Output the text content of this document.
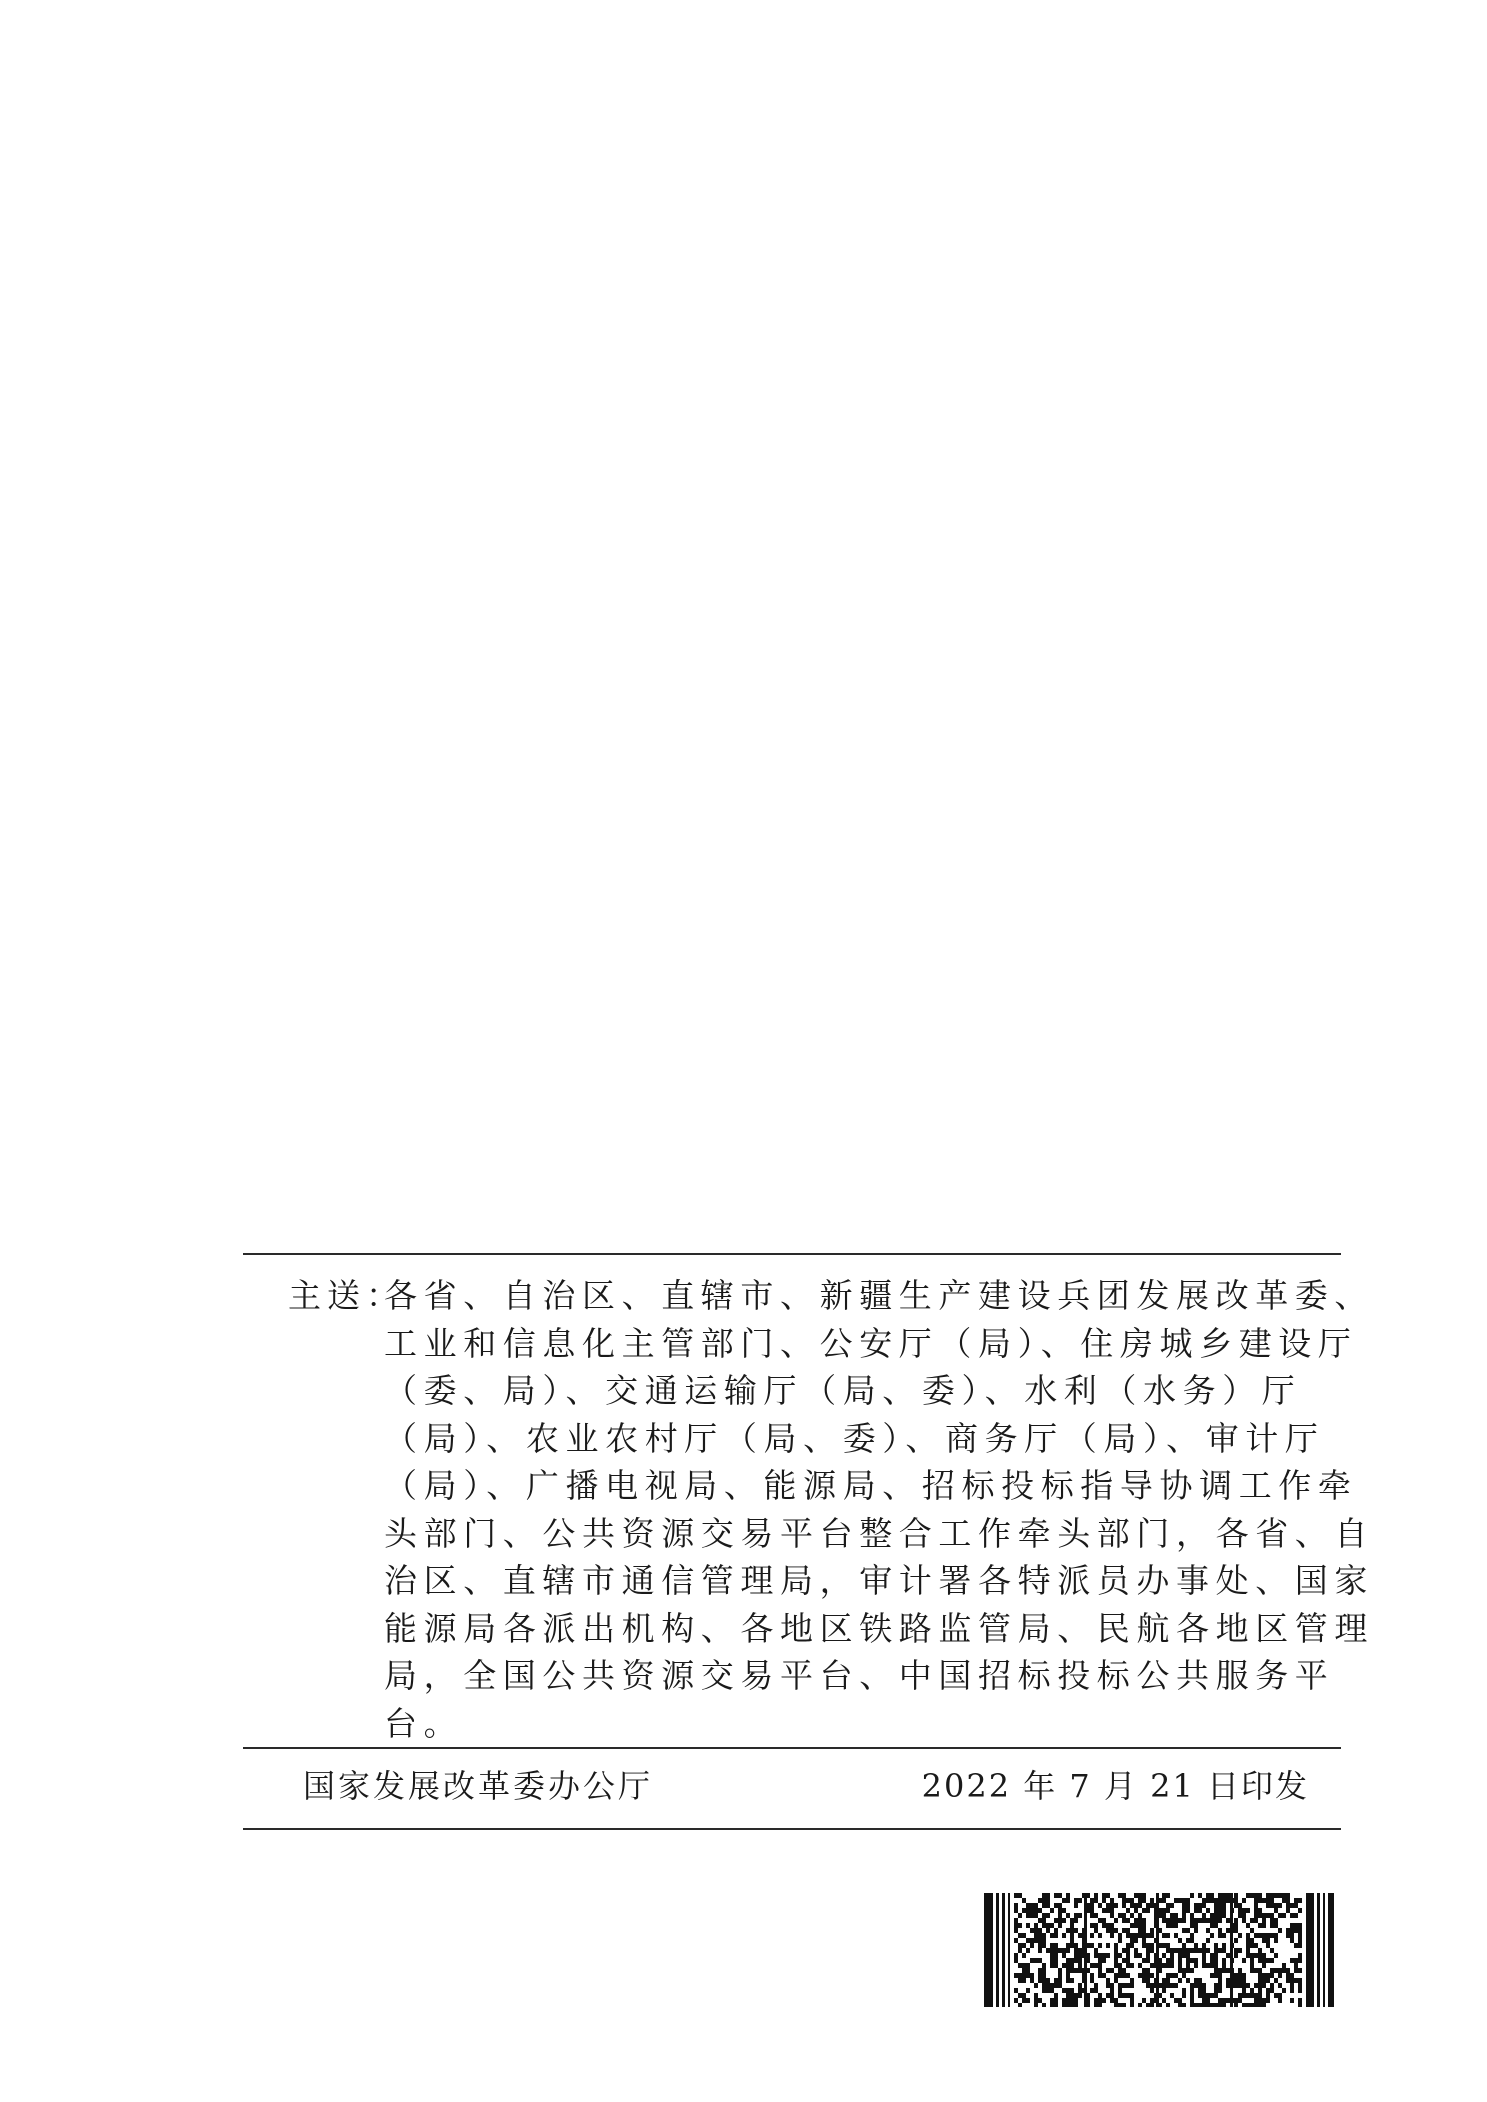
主送：
各省、自治区、直辖市、新疆生产建设兵团发展改革委、
工业和信息化主管部门、公安厅（局）、住房城乡建设厅
（委、局）、交通运输厅（局、委）、水利（水务）厅
（局）、农业农村厅（局、委）、商务厅（局）、审计厅
（局）、广播电视局、能源局、招标投标指导协调工作牵
头部门、公共资源交易平台整合工作牵头部门，各省、自
治区、直辖市通信管理局，审计署各特派员办事处、国家
能源局各派出机构、各地区铁路监管局、民航各地区管理
局，全国公共资源交易平台、中国招标投标公共服务平
台。
国家发展改革委办公厅	2022 年 7 月 21 日印发
